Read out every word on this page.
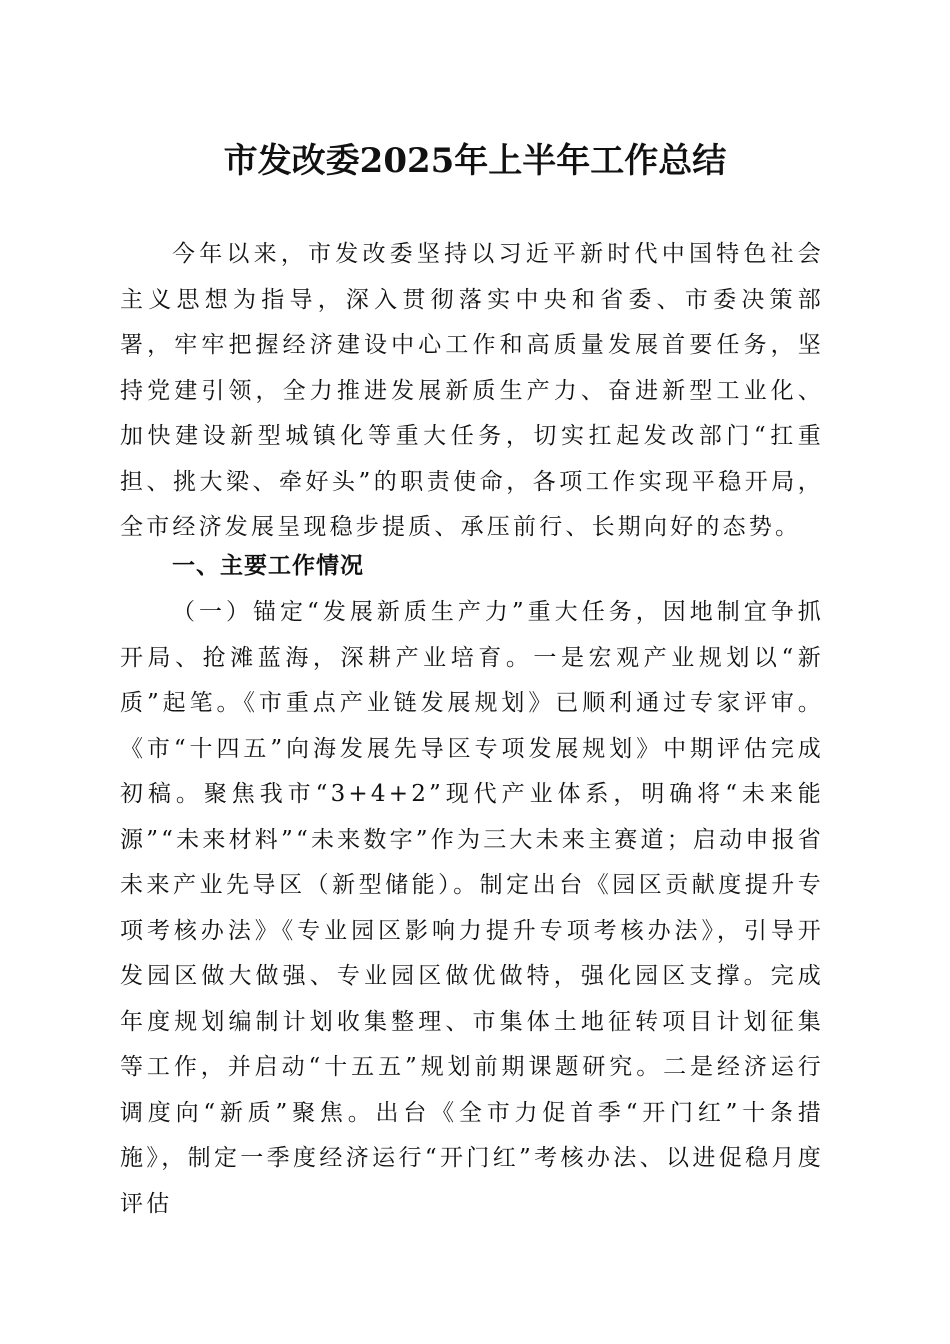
市发改委2025年上半年工作总结

今年以来，市发改委坚持以习近平新时代中国特色社会主义思想为指导，深入贯彻落实中央和省委、市委决策部署，牢牢把握经济建设中心工作和高质量发展首要任务，坚持党建引领，全力推进发展新质生产力、奋进新型工业化、加快建设新型城镇化等重大任务，切实扛起发改部门“扛重担、挑大梁、牵好头”的职责使命，各项工作实现平稳开局，全市经济发展呈现稳步提质、承压前行、长期向好的态势。

一、主要工作情况

（一）锚定“发展新质生产力”重大任务，因地制宜争抓开局、抢滩蓝海，深耕产业培育。一是宏观产业规划以“新质”起笔。《市重点产业链发展规划》已顺利通过专家评审。《市“十四五”向海发展先导区专项发展规划》中期评估完成初稿。聚焦我市“3+4+2”现代产业体系，明确将“未来能源”“未来材料”“未来数字”作为三大未来主赛道；启动申报省未来产业先导区（新型储能）。制定出台《园区贡献度提升专项考核办法》《专业园区影响力提升专项考核办法》，引导开发园区做大做强、专业园区做优做特，强化园区支撑。完成年度规划编制计划收集整理、市集体土地征转项目计划征集等工作，并启动“十五五”规划前期课题研究。二是经济运行调度向“新质”聚焦。出台《全市力促首季“开门红”十条措施》，制定一季度经济运行“开门红”考核办法、以进促稳月度评估
